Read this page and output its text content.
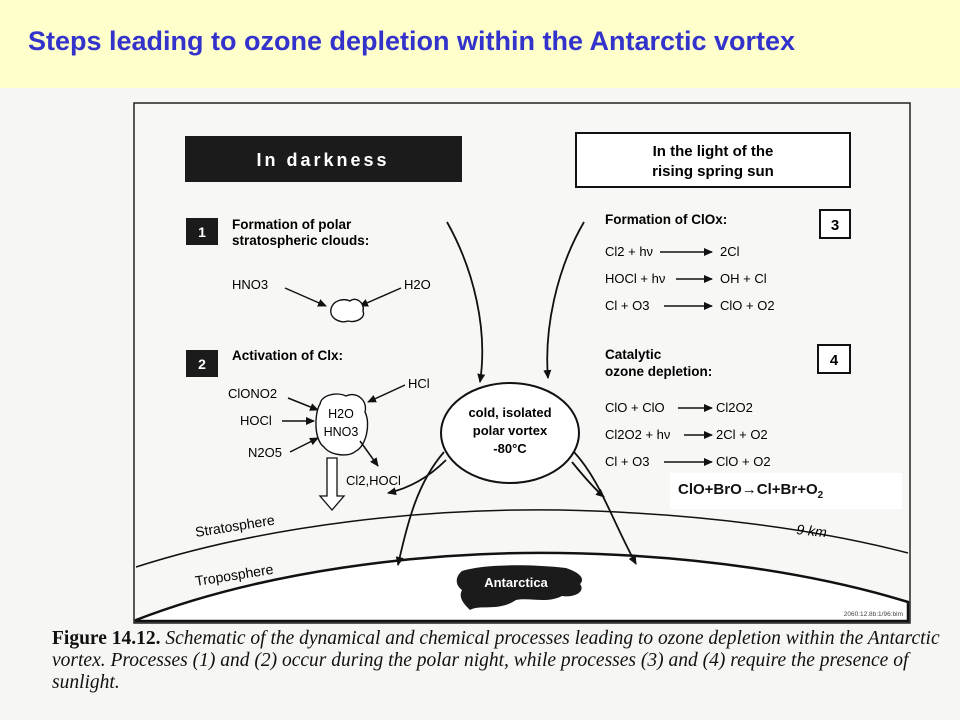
Steps leading to ozone depletion within the Antarctic vortex
In darkness	In the light of the
rising spring sun
1 Formation of polar
stratospheric clouds:
HNO3	H2O
2
Activation of Clx:
ClONO2
HOCl
N2O5
HCl
H2O
HNO3
Cl2,HOCl
Formation of ClOx:	3
Cl2 + hν	2Cl
HOCl + hν	OH + Cl
Cl + O3	ClO + O2
Catalytic
ozone depletion:
4
ClO + ClO	Cl2O2
Cl2O2 + hν	2Cl + O2
Cl + O3	ClO + O2
Stratosphere
Troposphere
9 km
Antarctica
cold, isolated
polar vortex
-80°C
2060:12.8b:1/96:blm
$ClO+BrO\to Cl+Br+O_2$
Figure 14.12. Schematic of the dynamical and chemical processes leading to ozone depletion within the Antarctic vortex. Processes (1) and (2) occur during the polar night, while processes (3) and (4) require the presence of sunlight.
